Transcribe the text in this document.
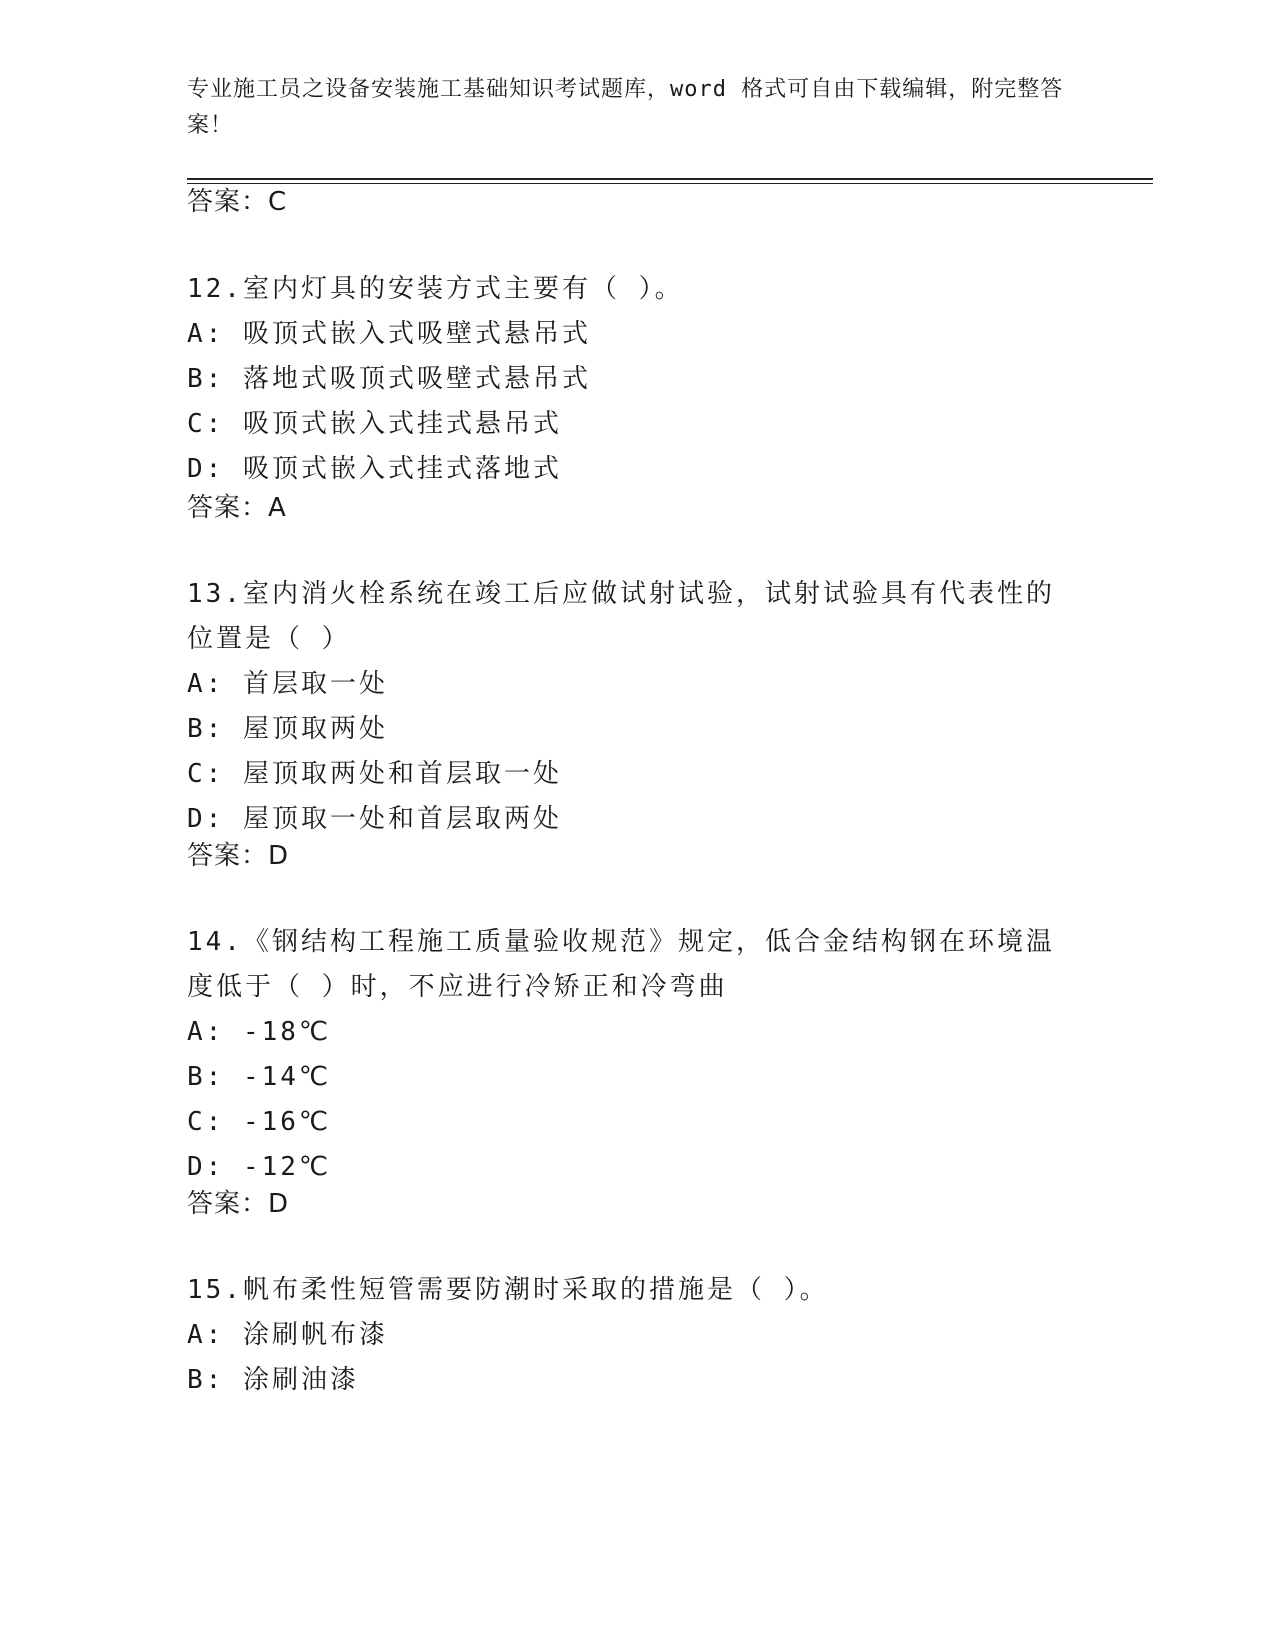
专业施工员之设备安装施工基础知识考试题库，word 格式可自由下载编辑，附完整答案！
答案：C
12.室内灯具的安装方式主要有（ ）。
A: 吸顶式嵌入式吸壁式悬吊式
B: 落地式吸顶式吸壁式悬吊式
C: 吸顶式嵌入式挂式悬吊式
D: 吸顶式嵌入式挂式落地式
答案：A
13.室内消火栓系统在竣工后应做试射试验，试射试验具有代表性的位置是（ ）
A: 首层取一处
B: 屋顶取两处
C: 屋顶取两处和首层取一处
D: 屋顶取一处和首层取两处
答案：D
14.《钢结构工程施工质量验收规范》规定，低合金结构钢在环境温度低于（ ）时，不应进行冷矫正和冷弯曲
A: -18℃
B: -14℃
C: -16℃
D: -12℃
答案：D
15.帆布柔性短管需要防潮时采取的措施是（ ）。
A: 涂刷帆布漆
B: 涂刷油漆
